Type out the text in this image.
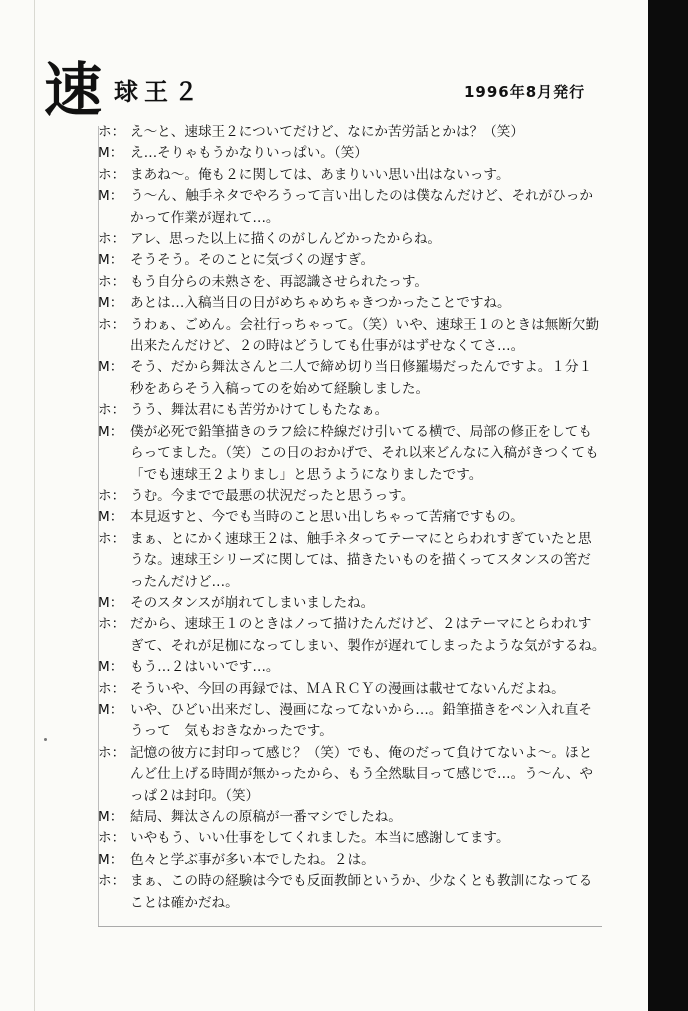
速 球王２	1996年8月発行
ホ： え〜と、速球王２についてだけど、なにか苦労話とかは？（笑）
M： え…そりゃもうかなりいっぱい。（笑）
ホ： まあね〜。俺も２に関しては、あまりいい思い出はないっす。
M： う〜ん、触手ネタでやろうって言い出したのは僕なんだけど、それがひっか
かって作業が遅れて…。
ホ： アレ、思った以上に描くのがしんどかったからね。
M： そうそう。そのことに気づくの遅すぎ。
ホ： もう自分らの未熟さを、再認識させられたっす。
M： あとは…入稿当日の日がめちゃめちゃきつかったことですね。
ホ： うわぁ、ごめん。会社行っちゃって。（笑）いや、速球王１のときは無断欠勤
出来たんだけど、２の時はどうしても仕事がはずせなくてさ…。
M： そう、だから舞汰さんと二人で締め切り当日修羅場だったんですよ。１分１
秒をあらそう入稿ってのを始めて経験しました。
ホ： うう、舞汰君にも苦労かけてしもたなぁ。
M： 僕が必死で鉛筆描きのラフ絵に枠線だけ引いてる横で、局部の修正をしても
らってました。（笑）この日のおかげで、それ以来どんなに入稿がきつくても
「でも速球王２よりまし」と思うようになりましたです。
ホ： うむ。今までで最悪の状況だったと思うっす。
M： 本見返すと、今でも当時のこと思い出しちゃって苦痛ですもの。
ホ： まぁ、とにかく速球王２は、触手ネタってテーマにとらわれすぎていたと思
うな。速球王シリーズに関しては、描きたいものを描くってスタンスの筈だ
ったんだけど…。
M： そのスタンスが崩れてしまいましたね。
ホ： だから、速球王１のときはノって描けたんだけど、２はテーマにとらわれす
ぎて、それが足枷になってしまい、製作が遅れてしまったような気がするね。
M： もう…２はいいです…。
ホ： そういや、今回の再録では、ＭＡＲＣＹの漫画は載せてないんだよね。
M： いや、ひどい出来だし、漫画になってないから…。鉛筆描きをペン入れ直そ
うって　気もおきなかったです。
ホ： 記憶の彼方に封印って感じ？（笑）でも、俺のだって負けてないよ〜。ほと
んど仕上げる時間が無かったから、もう全然駄目って感じで…。う〜ん、や
っぱ２は封印。（笑）
M： 結局、舞汰さんの原稿が一番マシでしたね。
ホ： いやもう、いい仕事をしてくれました。本当に感謝してます。
M： 色々と学ぶ事が多い本でしたね。２は。
ホ： まぁ、この時の経験は今でも反面教師というか、少なくとも教訓になってる
ことは確かだね。
